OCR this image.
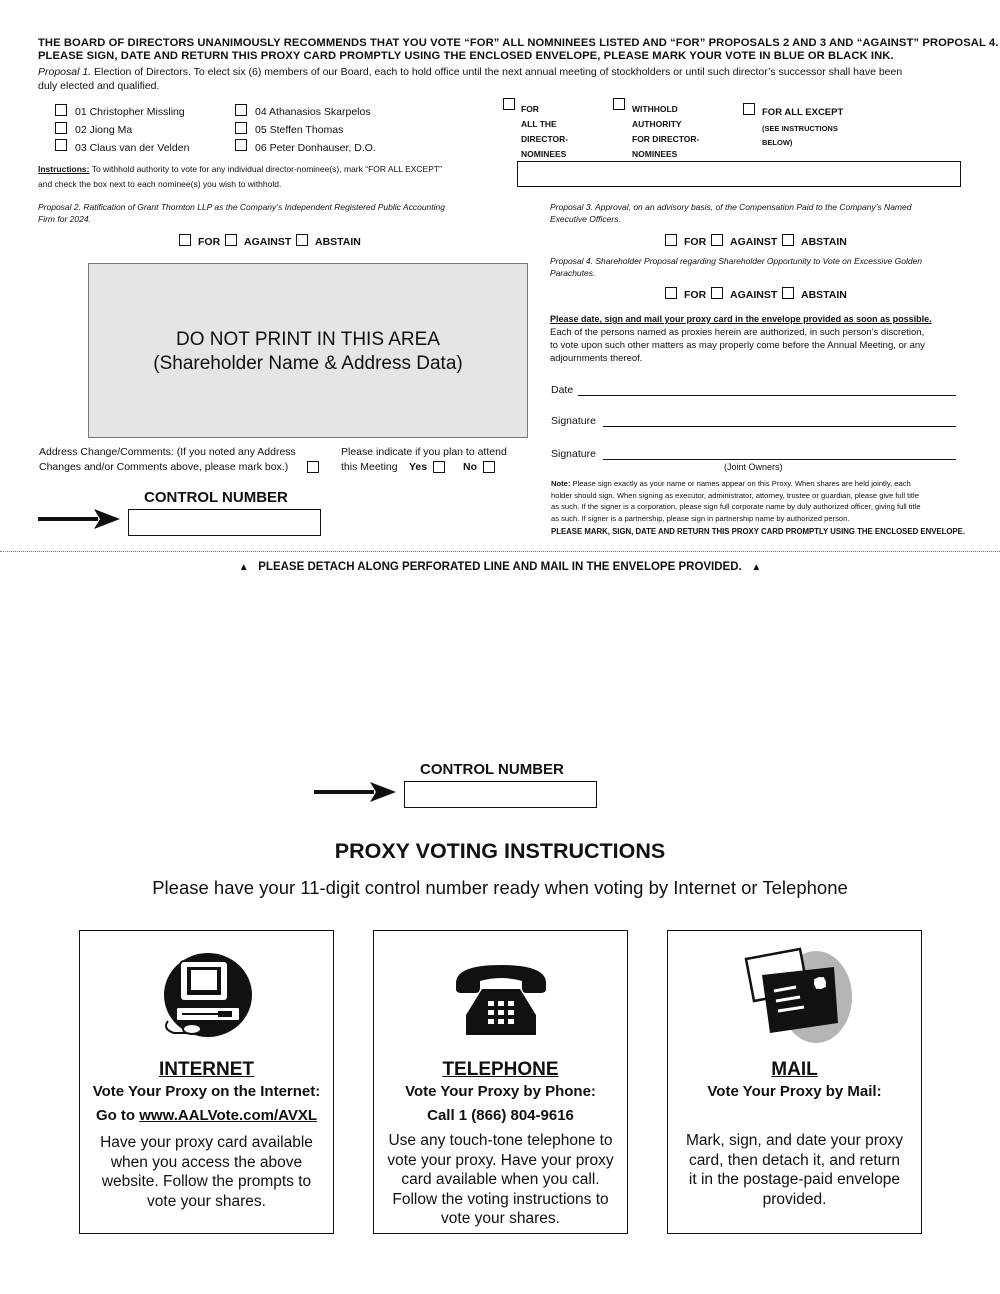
THE BOARD OF DIRECTORS UNANIMOUSLY RECOMMENDS THAT YOU VOTE “FOR” ALL NOMNINEES LISTED AND “FOR” PROPOSALS 2 AND 3 AND “AGAINST” PROPOSAL 4.
PLEASE SIGN, DATE AND RETURN THIS PROXY CARD PROMPTLY USING THE ENCLOSED ENVELOPE, PLEASE MARK YOUR VOTE IN BLUE OR BLACK INK.
Proposal 1. Election of Directors. To elect six (6) members of our Board, each to hold office until the next annual meeting of stockholders or until such director’s successor shall have been
duly elected and qualified.
01 Christopher Missling
02 Jiong Ma
03 Claus van der Velden
04 Athanasios Skarpelos
05 Steffen Thomas
06 Peter Donhauser, D.O.
FOR
ALL THE
DIRECTOR-
NOMINEES
WITHHOLD
AUTHORITY
FOR DIRECTOR-
NOMINEES
FOR ALL EXCEPT
(SEE INSTRUCTIONS
BELOW)
Instructions: To withhold authority to vote for any individual director-nominee(s), mark “FOR ALL EXCEPT”
and check the box next to each nominee(s) you wish to withhold.
Proposal 2. Ratification of Grant Thornton LLP as the Company’s Independent Registered Public Accounting
Firm for 2024.
FOR AGAINST ABSTAIN
Proposal 3. Approval, on an advisory basis, of the Compensation Paid to the Company’s Named
Executive Officers.
FOR AGAINST ABSTAIN
Proposal 4. Shareholder Proposal regarding Shareholder Opportunity to Vote on Excessive Golden
Parachutes.
FOR AGAINST ABSTAIN
DO NOT PRINT IN THIS AREA
(Shareholder Name & Address Data)
Please date, sign and mail your proxy card in the envelope provided as soon as possible.
Each of the persons named as proxies herein are authorized, in such person’s discretion,
to vote upon such other matters as may properly come before the Annual Meeting, or any
adjournments thereof.
Date
Signature
Signature
(Joint Owners)
Note: Please sign exactly as your name or names appear on this Proxy. When shares are held jointly, each
holder should sign. When signing as executor, administrator, attorney, trustee or guardian, please give full title
as such. If the signer is a corporation, please sign full corporate name by duly authorized officer, giving full title
as such. If signer is a partnership, please sign in partnership name by authorized person.
PLEASE MARK, SIGN, DATE AND RETURN THIS PROXY CARD PROMPTLY USING THE ENCLOSED ENVELOPE.
Address Change/Comments: (If you noted any Address
Changes and/or Comments above, please mark box.)
Please indicate if you plan to attend
this Meeting Yes	No
CONTROL NUMBER
▲ PLEASE DETACH ALONG PERFORATED LINE AND MAIL IN THE ENVELOPE PROVIDED. ▲
CONTROL NUMBER
PROXY VOTING INSTRUCTIONS
Please have your 11-digit control number ready when voting by Internet or Telephone
INTERNET
Vote Your Proxy on the Internet:
Go to www.AALVote.com/AVXL
Have your proxy card available
when you access the above
website. Follow the prompts to
vote your shares.
TELEPHONE
Vote Your Proxy by Phone:
Call 1 (866) 804-9616
Use any touch-tone telephone to
vote your proxy. Have your proxy
card available when you call.
Follow the voting instructions to
vote your shares.
MAIL
Vote Your Proxy by Mail:
Mark, sign, and date your proxy
card, then detach it, and return
it in the postage-paid envelope
provided.
